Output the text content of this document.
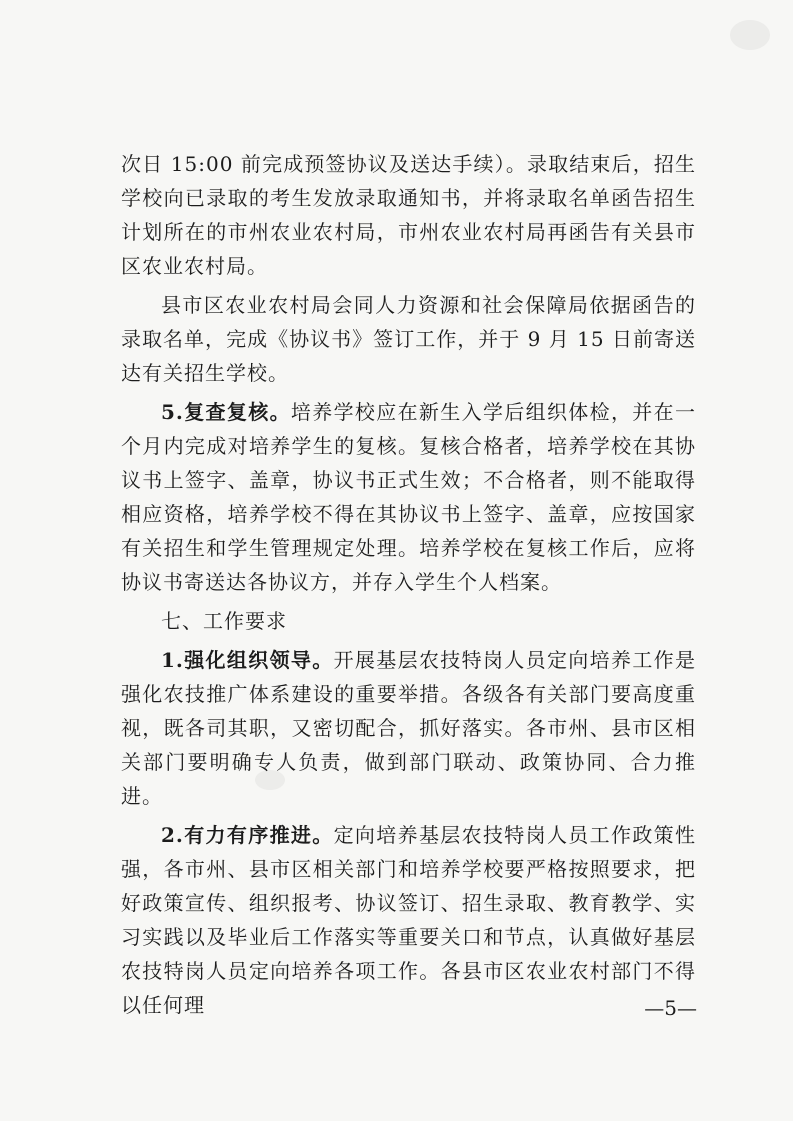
次日 15:00 前完成预签协议及送达手续）。录取结束后，招生学校向已录取的考生发放录取通知书，并将录取名单函告招生计划所在的市州农业农村局，市州农业农村局再函告有关县市区农业农村局。

县市区农业农村局会同人力资源和社会保障局依据函告的录取名单，完成《协议书》签订工作，并于 9 月 15 日前寄送达有关招生学校。

5.复查复核。培养学校应在新生入学后组织体检，并在一个月内完成对培养学生的复核。复核合格者，培养学校在其协议书上签字、盖章，协议书正式生效；不合格者，则不能取得相应资格，培养学校不得在其协议书上签字、盖章，应按国家有关招生和学生管理规定处理。培养学校在复核工作后，应将协议书寄送达各协议方，并存入学生个人档案。

七、工作要求

1.强化组织领导。开展基层农技特岗人员定向培养工作是强化农技推广体系建设的重要举措。各级各有关部门要高度重视，既各司其职，又密切配合，抓好落实。各市州、县市区相关部门要明确专人负责，做到部门联动、政策协同、合力推进。

2.有力有序推进。定向培养基层农技特岗人员工作政策性强，各市州、县市区相关部门和培养学校要严格按照要求，把好政策宣传、组织报考、协议签订、招生录取、教育教学、实习实践以及毕业后工作落实等重要关口和节点，认真做好基层农技特岗人员定向培养各项工作。各县市区农业农村部门不得以任何理	—5—
